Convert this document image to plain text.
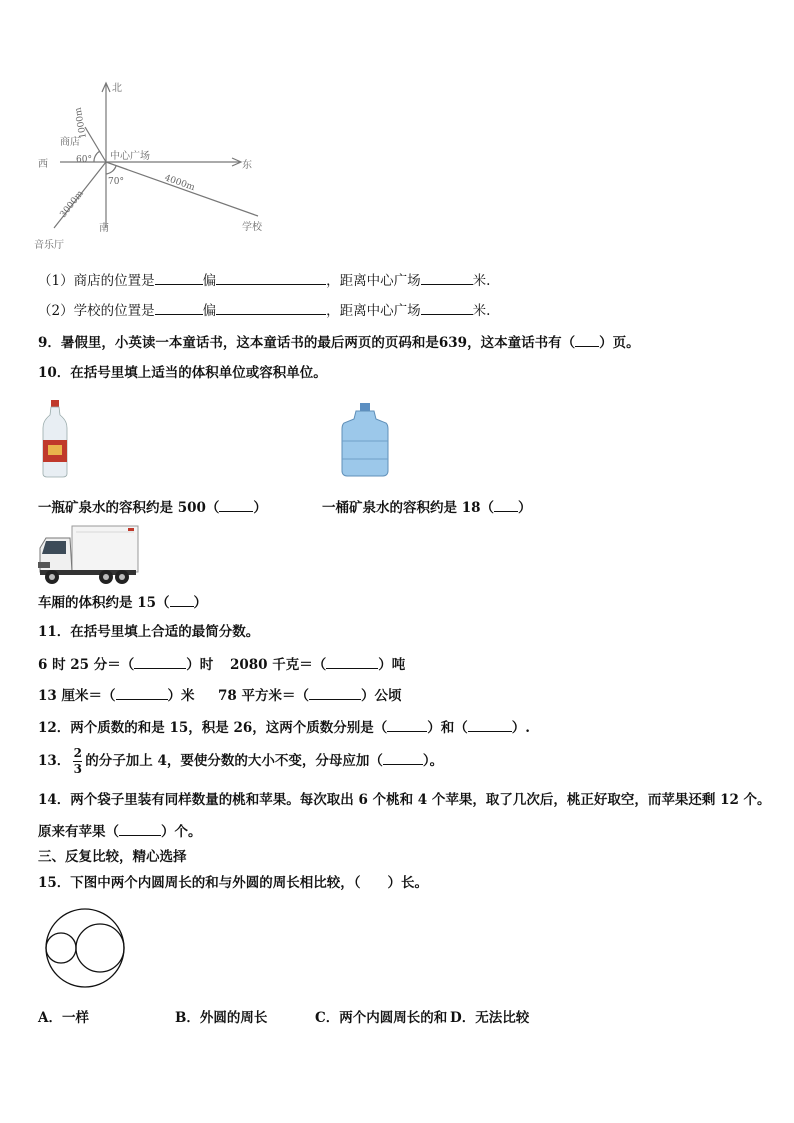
北
西	东
南
中心广场
商店
学校
音乐厅
60°
70°
1000m
4000m
3000m
（1）商店的位置是	偏	，距离中心广场	米.
（2）学校的位置是	偏	，距离中心广场	米.
9．暑假里，小英读一本童话书，这本童话书的最后两页的页码和是639，这本童话书有（ ）页。
10．在括号里填上适当的体积单位或容积单位。
一瓶矿泉水的容积约是 500（	）	一桶矿泉水的容积约是 18（ ）
车厢的体积约是 15（ ）
11．在括号里填上合适的最简分数。
6 时 25 分＝（	）时 2080 千克＝（	）吨
13 厘米＝（	）米 78 平方米＝（	）公顷
12．两个质数的和是 15，积是 26，这两个质数分别是（	）和（	）.
13． $\frac{2}{3}$ 的分子加上 4，要使分数的大小不变，分母应加（	）。
14．两个袋子里装有同样数量的桃和苹果。每次取出 6 个桃和 4 个苹果，取了几次后，桃正好取空，而苹果还剩 12 个。
原来有苹果（	）个。
三、反复比较，精心选择
15．下图中两个内圆周长的和与外圆的周长相比较，（　　）长。
A．一样	B．外圆的周长	C．两个内圆周长的和 D．无法比较
